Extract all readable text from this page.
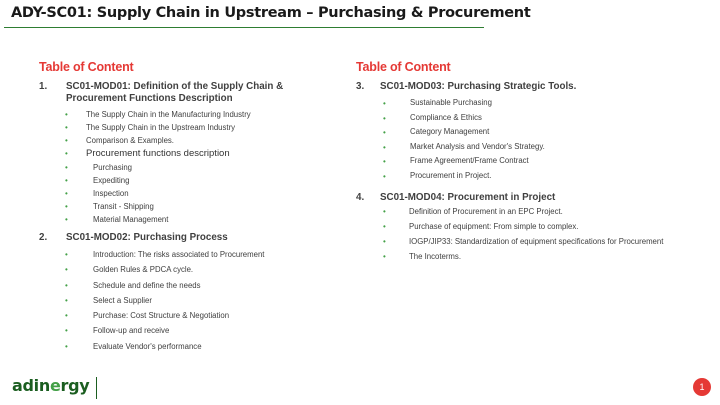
ADY-SC01: Supply Chain in Upstream – Purchasing & Procurement
Table of Content
1. SC01-MOD01: Definition of the Supply Chain & Procurement Functions Description
• The Supply Chain in the Manufacturing Industry
• The Supply Chain in the Upstream Industry
• Comparison & Examples.
• Procurement functions description
•	Purchasing
•	Expediting
•	Inspection
•	Transit - Shipping
•	Material Management
2. SC01-MOD02: Purchasing Process
•	Introduction: The risks associated to Procurement
•	Golden Rules & PDCA cycle.
•	Schedule and define the needs
•	Select a Supplier
•	Purchase: Cost Structure & Negotiation
•	Follow-up and receive
•	Evaluate Vendor's performance
Table of Content
3. SC01-MOD03: Purchasing Strategic Tools.
•	Sustainable Purchasing
•	Compliance & Ethics
•	Category Management
•	Market Analysis and Vendor's Strategy.
•	Frame Agreement/Frame Contract
•	Procurement in Project.
4. SC01-MOD04: Procurement in Project
•	Definition of Procurement in an EPC Project.
•	Purchase of equipment: From simple to complex.
•	IOGP/JIP33: Standardization of equipment specifications for Procurement
•	The Incoterms.
adinergy	1
